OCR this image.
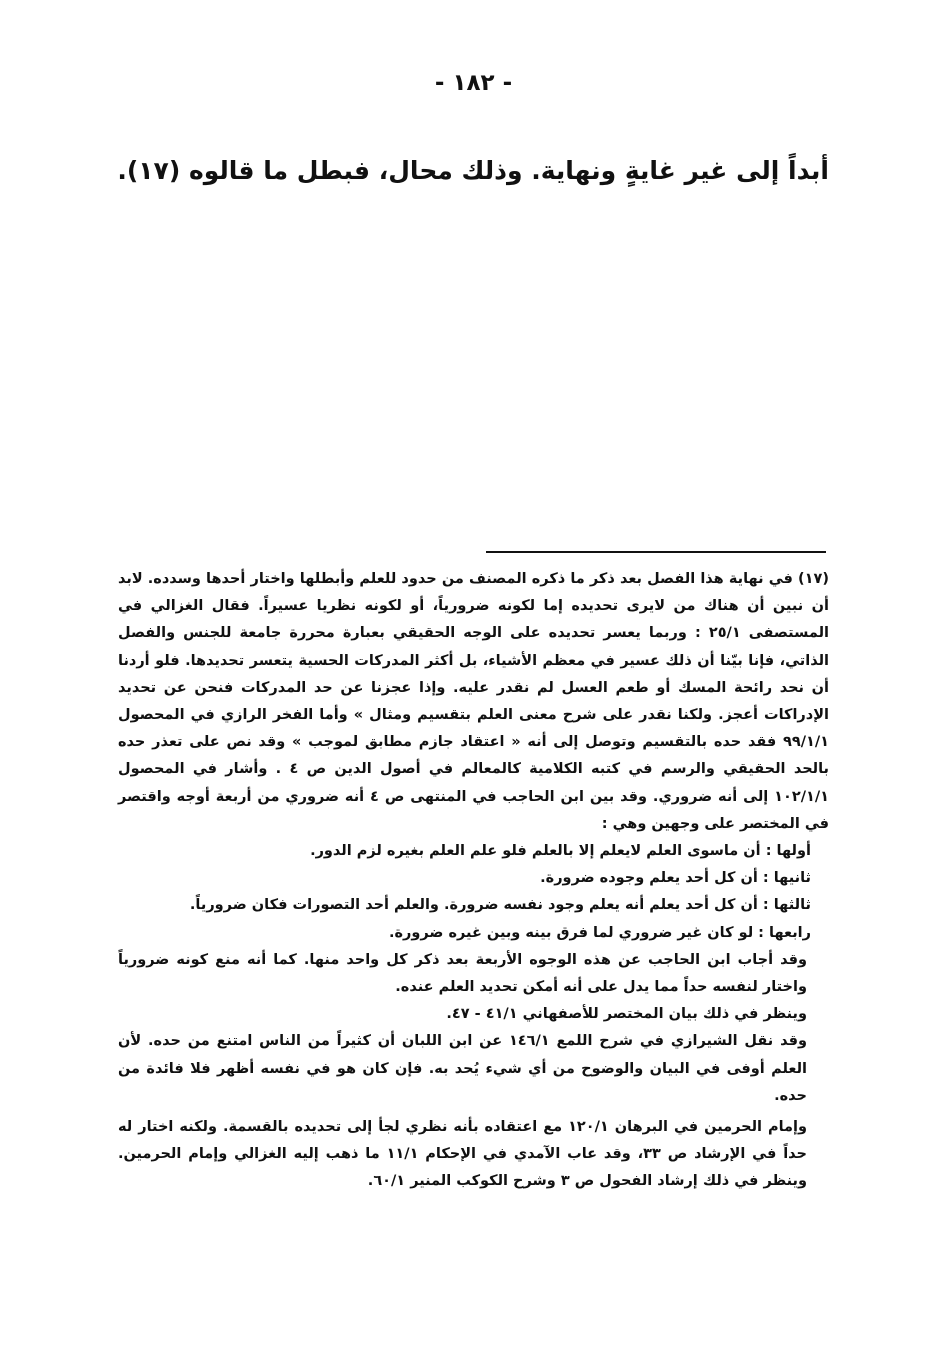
- ١٨٢ -

أبداً إلى غير غايةٍ ونهاية. وذلك محال، فبطل ما قالوه (١٧).

(١٧) في نهاية هذا الفصل بعد ذكر ما ذكره المصنف من حدود للعلم وأبطلها واختار أحدها وسدده. لابد أن نبين أن هناك من لايرى تحديده إما لكونه ضرورياً، أو لكونه نظريا عسيراً. فقال الغزالي في المستصفى ٢٥/١ : وربما يعسر تحديده على الوجه الحقيقي بعبارة محررة جامعة للجنس والفصل الذاتي، فإنا بيّنا أن ذلك عسير في معظم الأشياء، بل أكثر المدركات الحسية يتعسر تحديدها. فلو أردنا أن نحد رائحة المسك أو طعم العسل لم نقدر عليه. وإذا عجزنا عن حد المدركات فنحن عن تحديد الإدراكات أعجز. ولكنا نقدر على شرح معنى العلم بتقسيم ومثال » وأما الفخر الرازي في المحصول ٩٩/١/١ فقد حده بالتقسيم وتوصل إلى أنه « اعتقاد جازم مطابق لموجب » وقد نص على تعذر حده بالحد الحقيقي والرسم في كتبه الكلامية كالمعالم في أصول الدين ص ٤ . وأشار في المحصول ١٠٢/١/١ إلى أنه ضروري. وقد بين ابن الحاجب في المنتهى ص ٤ أنه ضروري من أربعة أوجه واقتصر في المختصر على وجهين وهي :

أولها : أن ماسوى العلم لايعلم إلا بالعلم فلو علم العلم بغيره لزم الدور.

ثانيها : أن كل أحد يعلم وجوده ضرورة.

ثالثها : أن كل أحد يعلم أنه يعلم وجود نفسه ضرورة. والعلم أحد التصورات فكان ضرورياً.

رابعها : لو كان غير ضروري لما فرق بينه وبين غيره ضرورة.

وقد أجاب ابن الحاجب عن هذه الوجوه الأربعة بعد ذكر كل واحد منها. كما أنه منع كونه ضرورياً واختار لنفسه حداً مما يدل على أنه أمكن تحديد العلم عنده.

وينظر في ذلك بيان المختصر للأصفهاني ٤١/١ - ٤٧.

وقد نقل الشيرازي في شرح اللمع ١٤٦/١ عن ابن اللبان أن كثيراً من الناس امتنع من حده. لأن العلم أوفى في البيان والوضوح من أي شيء يُحد به. فإن كان هو في نفسه أظهر فلا فائدة من حده.

وإمام الحرمين في البرهان ١٢٠/١ مع اعتقاده بأنه نظري لجأ إلى تحديده بالقسمة. ولكنه اختار له حداً في الإرشاد ص ٣٣، وقد عاب الآمدي في الإحكام ١١/١ ما ذهب إليه الغزالي وإمام الحرمين. وينظر في ذلك إرشاد الفحول ص ٣ وشرح الكوكب المنير ٦٠/١.
